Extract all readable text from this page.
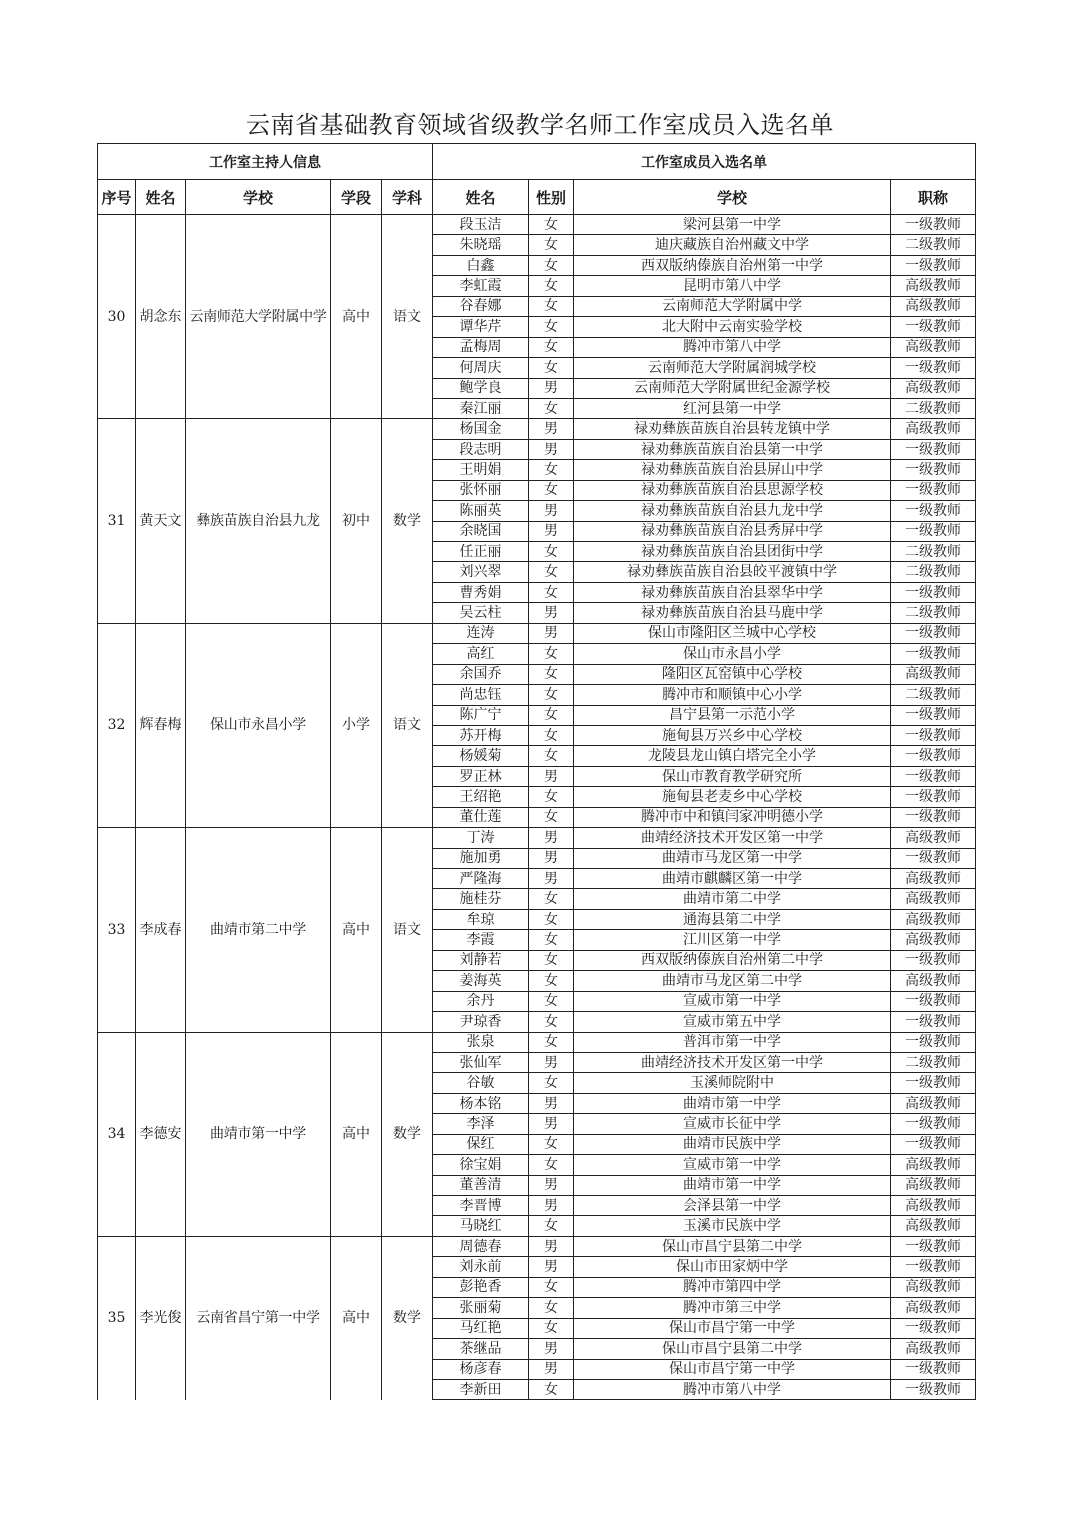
云南省基础教育领域省级教学名师工作室成员入选名单
工作室主持人信息					工作室成员入选名单			
序号	姓名	学校	学段	学科	姓名	性别	学校	职称
30	胡念东	云南师范大学附属中学	高中	语文	段玉洁	女	梁河县第一中学	一级教师
					朱晓瑶	女	迪庆藏族自治州藏文中学	二级教师
					白鑫	女	西双版纳傣族自治州第一中学	一级教师
					李虹霞	女	昆明市第八中学	高级教师
					谷春娜	女	云南师范大学附属中学	高级教师
					谭华芹	女	北大附中云南实验学校	一级教师
					孟梅周	女	腾冲市第八中学	高级教师
					何周庆	女	云南师范大学附属润城学校	一级教师
					鲍学良	男	云南师范大学附属世纪金源学校	高级教师
					秦江丽	女	红河县第一中学	二级教师
31	黄天文	彝族苗族自治县九龙	初中	数学	杨国金	男	禄劝彝族苗族自治县转龙镇中学	高级教师
					段志明	男	禄劝彝族苗族自治县第一中学	一级教师
					王明娟	女	禄劝彝族苗族自治县屏山中学	一级教师
					张怀丽	女	禄劝彝族苗族自治县思源学校	一级教师
					陈丽英	男	禄劝彝族苗族自治县九龙中学	一级教师
					余晓国	男	禄劝彝族苗族自治县秀屏中学	一级教师
					任正丽	女	禄劝彝族苗族自治县团街中学	二级教师
					刘兴翠	女	禄劝彝族苗族自治县皎平渡镇中学	二级教师
					曹秀娟	女	禄劝彝族苗族自治县翠华中学	一级教师
					吴云柱	男	禄劝彝族苗族自治县马鹿中学	二级教师
32	辉春梅	保山市永昌小学	小学	语文	连涛	男	保山市隆阳区兰城中心学校	一级教师
					高红	女	保山市永昌小学	一级教师
					余国乔	女	隆阳区瓦窑镇中心学校	高级教师
					尚忠钰	女	腾冲市和顺镇中心小学	二级教师
					陈广宁	女	昌宁县第一示范小学	一级教师
					苏开梅	女	施甸县万兴乡中心学校	一级教师
					杨媛菊	女	龙陵县龙山镇白塔完全小学	一级教师
					罗正林	男	保山市教育教学研究所	一级教师
					王绍艳	女	施甸县老麦乡中心学校	一级教师
					董仕莲	女	腾冲市中和镇闫家冲明德小学	一级教师
33	李成春	曲靖市第二中学	高中	语文	丁涛	男	曲靖经济技术开发区第一中学	高级教师
					施加勇	男	曲靖市马龙区第一中学	一级教师
					严隆海	男	曲靖市麒麟区第一中学	高级教师
					施桂芬	女	曲靖市第二中学	高级教师
					牟琼	女	通海县第二中学	高级教师
					李霞	女	江川区第一中学	高级教师
					刘静若	女	西双版纳傣族自治州第二中学	一级教师
					姜海英	女	曲靖市马龙区第二中学	高级教师
					余丹	女	宣威市第一中学	一级教师
					尹琼香	女	宣威市第五中学	一级教师
34	李德安	曲靖市第一中学	高中	数学	张泉	女	普洱市第一中学	一级教师
					张仙军	男	曲靖经济技术开发区第一中学	二级教师
					谷敏	女	玉溪师院附中	一级教师
					杨本铭	男	曲靖市第一中学	高级教师
					李泽	男	宣威市长征中学	一级教师
					保红	女	曲靖市民族中学	一级教师
					徐宝娟	女	宣威市第一中学	高级教师
					董善清	男	曲靖市第一中学	高级教师
					李晋博	男	会泽县第一中学	高级教师
					马晓红	女	玉溪市民族中学	高级教师
35	李光俊	云南省昌宁第一中学	高中	数学	周德春	男	保山市昌宁县第二中学	一级教师
					刘永前	男	保山市田家炳中学	一级教师
					彭艳香	女	腾冲市第四中学	高级教师
					张丽菊	女	腾冲市第三中学	高级教师
					马红艳	女	保山市昌宁第一中学	一级教师
					茶继品	男	保山市昌宁县第二中学	高级教师
					杨彦春	男	保山市昌宁第一中学	一级教师
					李新田	女	腾冲市第八中学	一级教师
